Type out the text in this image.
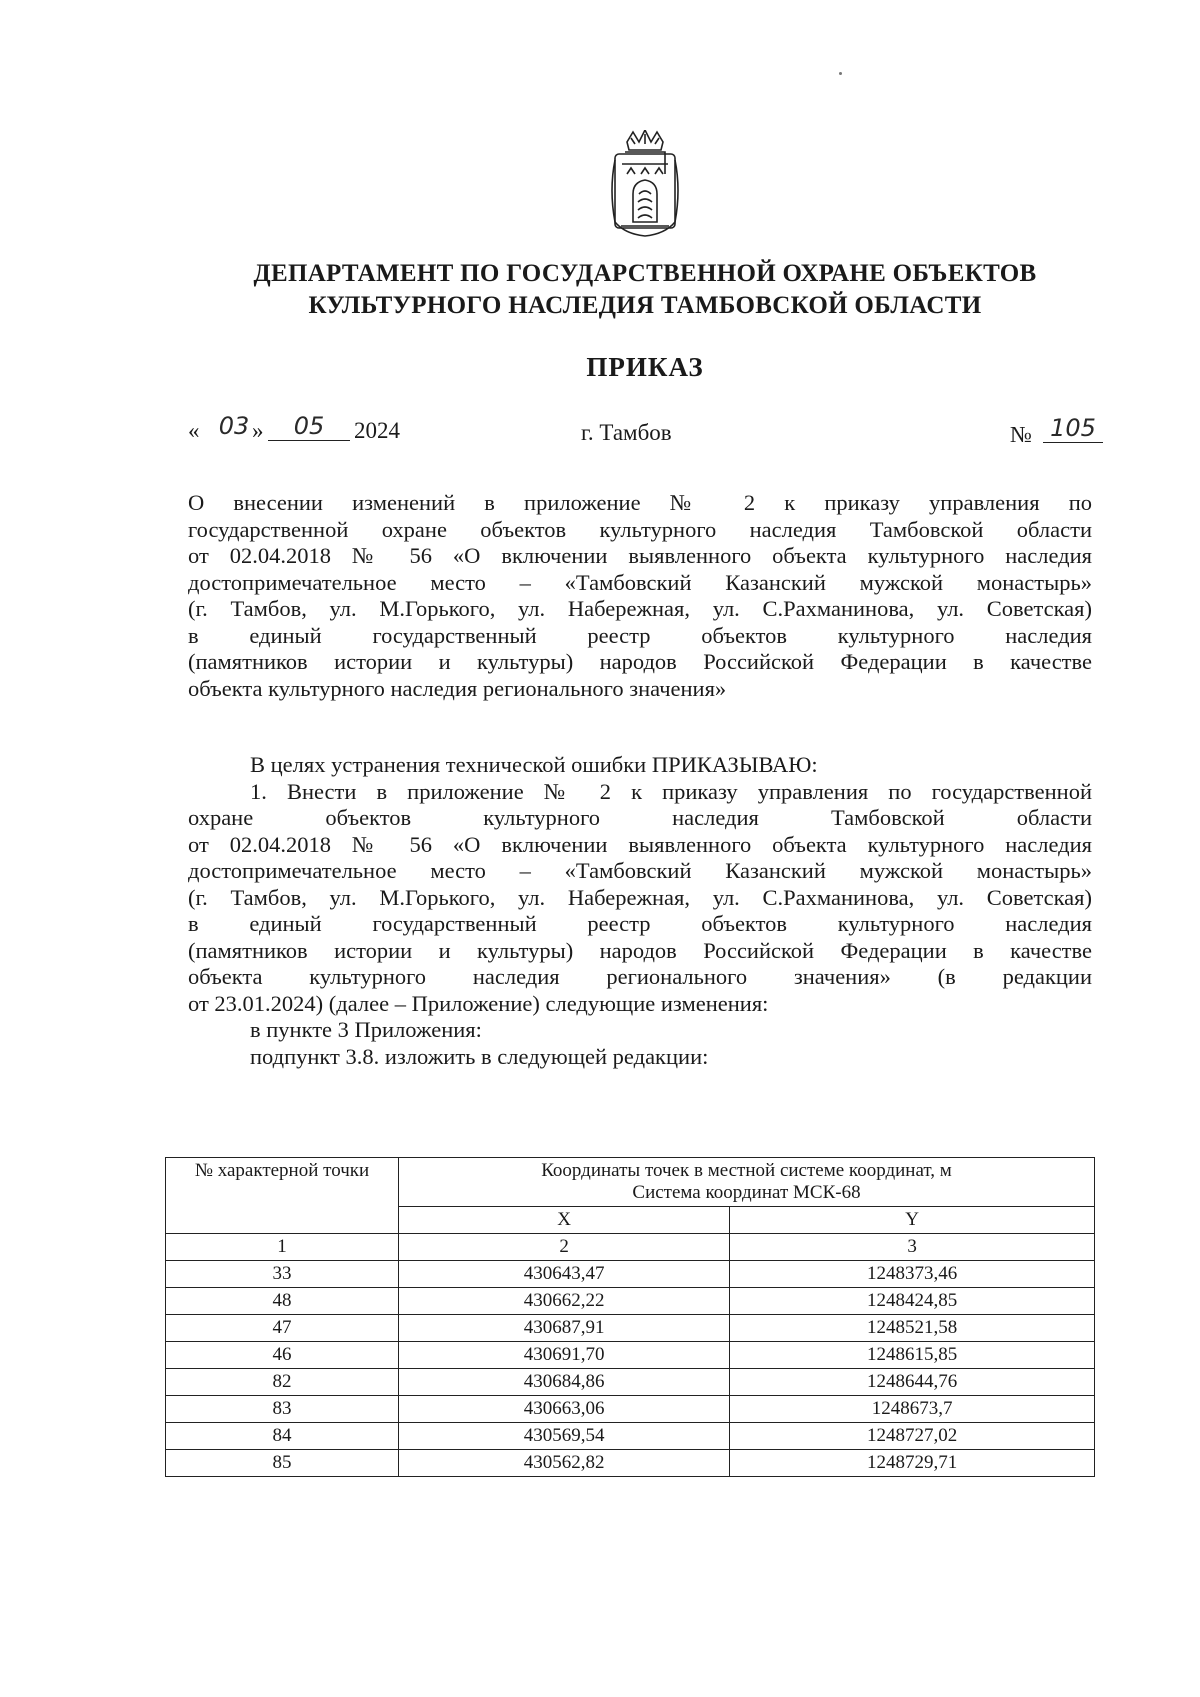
ДЕПАРТАМЕНТ ПО ГОСУДАРСТВЕННОЙ ОХРАНЕ ОБЪЕКТОВ
КУЛЬТУРНОГО НАСЛЕДИЯ ТАМБОВСКОЙ ОБЛАСТИ
ПРИКАЗ
« 03 »	05	2024	г. Тамбов	№ 105
О внесении изменений в приложение № 2 к приказу управления по
государственной охране объектов культурного наследия Тамбовской области
от 02.04.2018 № 56 «О включении выявленного объекта культурного наследия
достопримечательное место – «Тамбовский Казанский мужской монастырь»
(г. Тамбов, ул. М.Горького, ул. Набережная, ул. С.Рахманинова, ул. Советская)
в единый государственный реестр объектов культурного наследия
(памятников истории и культуры) народов Российской Федерации в качестве
объекта культурного наследия регионального значения»
В целях устранения технической ошибки ПРИКАЗЫВАЮ:
1. Внести в приложение № 2 к приказу управления по государственной
охране объектов культурного наследия Тамбовской области
от 02.04.2018 № 56 «О включении выявленного объекта культурного наследия
достопримечательное место – «Тамбовский Казанский мужской монастырь»
(г. Тамбов, ул. М.Горького, ул. Набережная, ул. С.Рахманинова, ул. Советская)
в единый государственный реестр объектов культурного наследия
(памятников истории и культуры) народов Российской Федерации в качестве
объекта культурного наследия регионального значения» (в редакции
от 23.01.2024) (далее – Приложение) следующие изменения:
в пункте 3 Приложения:
подпункт 3.8. изложить в следующей редакции:
№ характерной точки	Координаты точек в местной системе координат, м
Система координат МСК-68	

	X	Y
1	2	3
33	430643,47	1248373,46
48	430662,22	1248424,85
47	430687,91	1248521,58
46	430691,70	1248615,85
82	430684,86	1248644,76
83	430663,06	1248673,7
84	430569,54	1248727,02
85	430562,82	1248729,71
